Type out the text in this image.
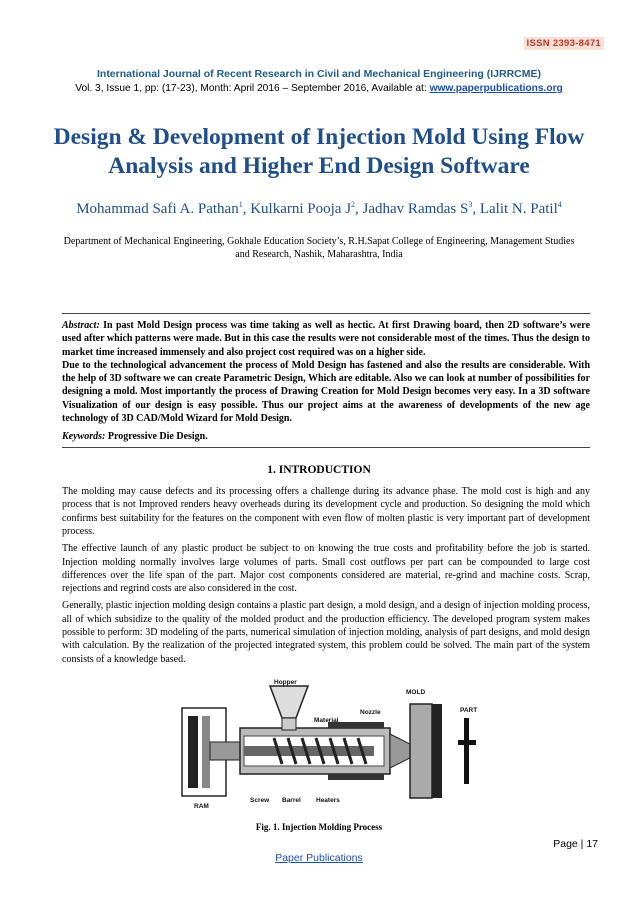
ISSN 2393-8471
International Journal of Recent Research in Civil and Mechanical Engineering (IJRRCME)
Vol. 3, Issue 1, pp: (17-23), Month: April 2016 – September 2016, Available at: www.paperpublications.org
Design & Development of Injection Mold Using Flow Analysis and Higher End Design Software
Mohammad Safi A. Pathan$^1$, Kulkarni Pooja $J^2$, Jadhav Ramdas $S^3$, Lalit N. Patil$^4$
Department of Mechanical Engineering, Gokhale Education Society’s, R.H.Sapat College of Engineering, Management Studies and Research, Nashik, Maharashtra, India

Abstract: In past Mold Design process was time taking as well as hectic. At first Drawing board, then 2D software’s were used after which patterns were made. But in this case the results were not considerable most of the times. Thus the design to market time increased immensely and also project cost required was on a higher side.

Due to the technological advancement the process of Mold Design has fastened and also the results are considerable. With the help of 3D software we can create Parametric Design, Which are editable. Also we can look at number of possibilities for designing a mold. Most importantly the process of Drawing Creation for Mold Design becomes very easy. In a 3D software Visualization of our design is easy possible. Thus our project aims at the awareness of developments of the new age technology of 3D CAD/Mold Wizard for Mold Design.

Keywords: Progressive Die Design.
1. INTRODUCTION

The molding may cause defects and its processing offers a challenge during its advance phase. The mold cost is high and any process that is not Improved renders heavy overheads during its development cycle and production. So designing the mold which confirms best suitability for the features on the component with even flow of molten plastic is very important part of development process.

The effective launch of any plastic product be subject to on knowing the true costs and profitability before the job is started. Injection molding normally involves large volumes of parts. Small cost outflows per part can be compounded to large cost differences over the life span of the part. Major cost components considered are material, re-grind and machine costs. Scrap, rejections and regrind costs are also considered in the cost.

Generally, plastic injection molding design contains a plastic part design, a mold design, and a design of injection molding process, all of which subsidize to the quality of the molded product and the production efficiency. The developed program system makes possible to perform: 3D modeling of the parts, numerical simulation of injection molding, analysis of part designs, and mold design with calculation. By the realization of the projected integrated system, this problem could be solved. The main part of the system consists of a knowledge based.

Hopper
MOLD
Nozzle
Material
PART
RAM
Screw Barrel Heaters
Fig. 1. Injection Molding Process
Page | 17
Paper Publications
